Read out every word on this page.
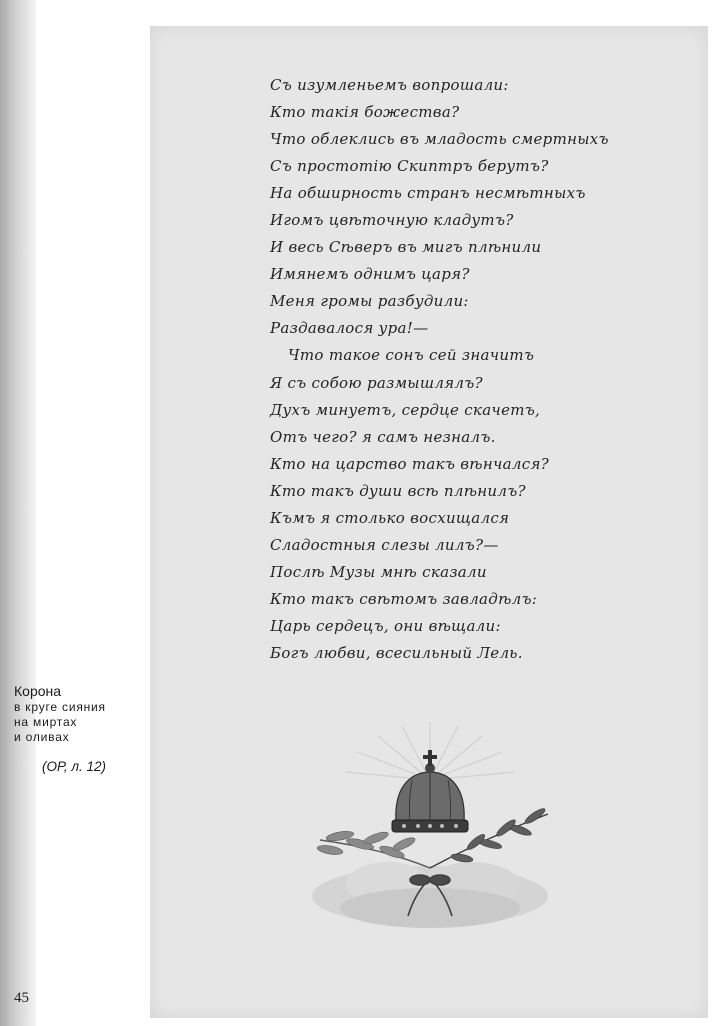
Съ изумленьемъ вопрошали:
Кто такія божества?
Что облеклись въ младость смертныхъ
Съ простотію Скиптръ берутъ?
На обширность странъ несмѣтныхъ
Игомъ цвѣточную кладутъ?
И весь Сѣверъ въ мигъ плѣнили
Имянемъ однимъ царя?
Меня громы разбудили:
Раздавалося ура!—
Что такое сонъ сей значитъ
Я съ собою размышлялъ?
Духъ минуетъ, сердце скачетъ,
Отъ чего? я самъ незналъ.
Кто на царство такъ вѣнчался?
Кто такъ души всѣ плѣнилъ?
Къмъ я столько восхищался
Сладостныя слезы лилъ?—
Послѣ Музы мнѣ сказали
Кто такъ свѣтомъ завладѣлъ:
Царь сердецъ, они вѣщали:
Богъ любви, всесильный Лель.
Корона
в круге сияния
на миртах
и оливах
(ОР, л. 12)
45
